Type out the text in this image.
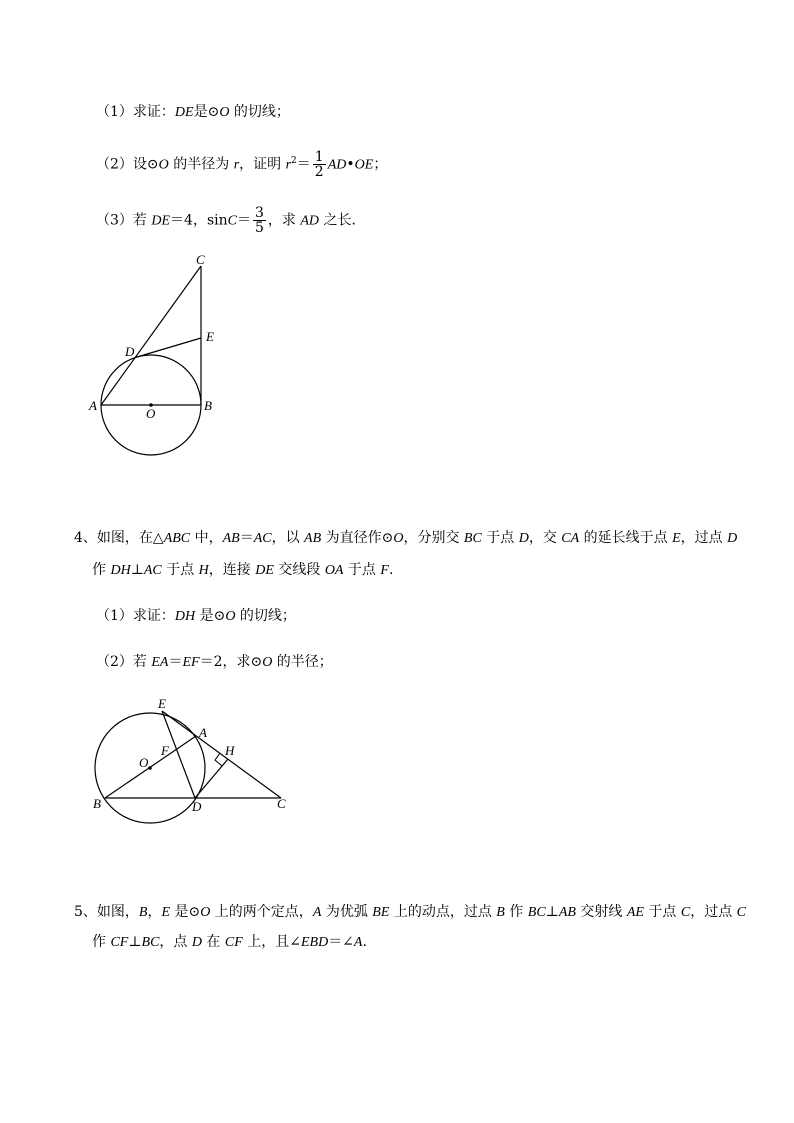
（1）求证：DE是⊙O 的切线；
（2）设⊙O 的半径为 r，证明 $r^2= \frac{1}{2}$ AD•OE；
（3）若 DE＝4，$\sin C= \frac{3}{5}$ ，求 AD 之长．
C
E
D
A
O
B
4、如图，在△ABC 中，AB＝AC，以 AB 为直径作⊙O，分别交 BC 于点 D，交 CA 的延长线于点 E，过点 D
作 DH⊥AC 于点 H，连接 DE 交线段 OA 于点 F.
（1）求证：DH 是⊙O 的切线；
（2）若 EA＝EF＝2，求⊙O 的半径；
E
A
H
F
O
B	D	C
5、如图，B，E 是⊙O 上的两个定点，A 为优弧 BE 上的动点，过点 B 作 BC⊥AB 交射线 AE 于点 C，过点 C
作 CF⊥BC，点 D 在 CF 上，且∠EBD＝∠A.
